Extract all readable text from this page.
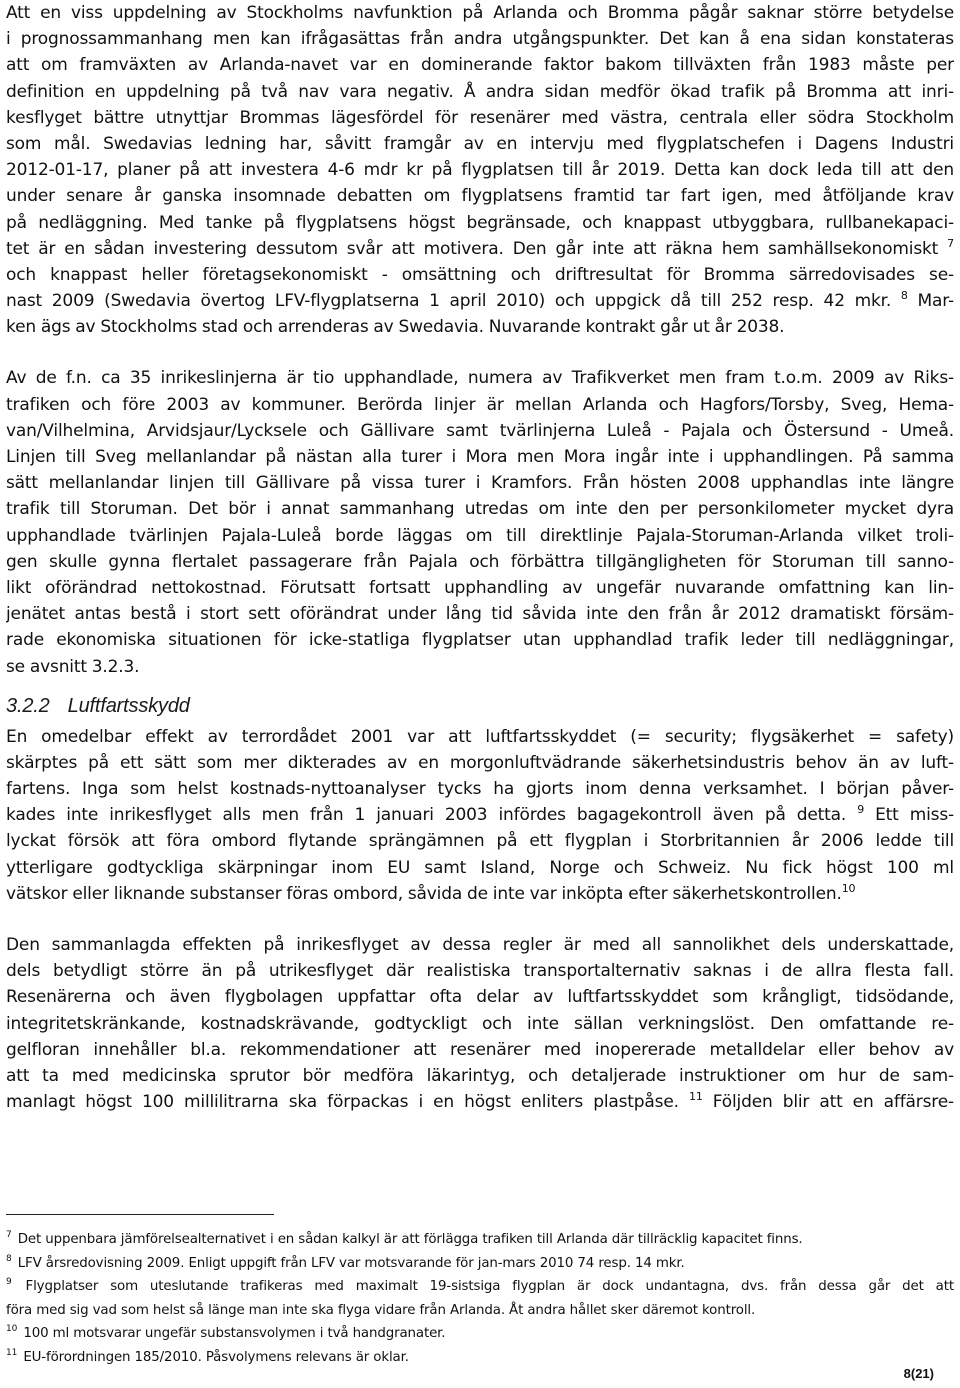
Att en viss uppdelning av Stockholms navfunktion på Arlanda och Bromma pågår saknar större betydelse
i prognossammanhang men kan ifrågasättas från andra utgångspunkter. Det kan å ena sidan konstateras
att om framväxten av Arlanda-navet var en dominerande faktor bakom tillväxten från 1983 måste per
definition en uppdelning på två nav vara negativ. Å andra sidan medför ökad trafik på Bromma att inri-
kesflyget bättre utnyttjar Brommas lägesfördel för resenärer med västra, centrala eller södra Stockholm
som mål. Swedavias ledning har, såvitt framgår av en intervju med flygplatschefen i Dagens Industri
2012-01-17, planer på att investera 4-6 mdr kr på flygplatsen till år 2019. Detta kan dock leda till att den
under senare år ganska insomnade debatten om flygplatsens framtid tar fart igen, med åtföljande krav
på nedläggning. Med tanke på flygplatsens högst begränsade, och knappast utbyggbara, rullbanekapaci-
tet är en sådan investering dessutom svår att motivera. Den går inte att räkna hem samhällsekonomiskt $^7$
och knappast heller företagsekonomiskt - omsättning och driftresultat för Bromma särredovisades se-
nast 2009 (Swedavia övertog LFV-flygplatserna 1 april 2010) och uppgick då till 252 resp. 42 mkr. $^8$ Mar-
ken ägs av Stockholms stad och arrenderas av Swedavia. Nuvarande kontrakt går ut år 2038.
Av de f.n. ca 35 inrikeslinjerna är tio upphandlade, numera av Trafikverket men fram t.o.m. 2009 av Riks-
trafiken och före 2003 av kommuner. Berörda linjer är mellan Arlanda och Hagfors/Torsby, Sveg, Hema-
van/Vilhelmina, Arvidsjaur/Lycksele och Gällivare samt tvärlinjerna Luleå - Pajala och Östersund - Umeå.
Linjen till Sveg mellanlandar på nästan alla turer i Mora men Mora ingår inte i upphandlingen. På samma
sätt mellanlandar linjen till Gällivare på vissa turer i Kramfors. Från hösten 2008 upphandlas inte längre
trafik till Storuman. Det bör i annat sammanhang utredas om inte den per personkilometer mycket dyra
upphandlade tvärlinjen Pajala-Luleå borde läggas om till direktlinje Pajala-Storuman-Arlanda vilket troli-
gen skulle gynna flertalet passagerare från Pajala och förbättra tillgängligheten för Storuman till sanno-
likt oförändrad nettokostnad. Förutsatt fortsatt upphandling av ungefär nuvarande omfattning kan lin-
jenätet antas bestå i stort sett oförändrat under lång tid såvida inte den från år 2012 dramatiskt försäm-
rade ekonomiska situationen för icke-statliga flygplatser utan upphandlad trafik leder till nedläggningar,
se avsnitt 3.2.3.
3.2.2 Luftfartsskydd
En omedelbar effekt av terrordådet 2001 var att luftfartsskyddet (= security; flygsäkerhet = safety)
skärptes på ett sätt som mer dikterades av en morgonluftvädrande säkerhetsindustris behov än av luft-
fartens. Inga som helst kostnads-nyttoanalyser tycks ha gjorts inom denna verksamhet. I början påver-
kades inte inrikesflyget alls men från 1 januari 2003 infördes bagagekontroll även på detta. $^9$ Ett miss-
lyckat försök att föra ombord flytande sprängämnen på ett flygplan i Storbritannien år 2006 ledde till
ytterligare godtyckliga skärpningar inom EU samt Island, Norge och Schweiz. Nu fick högst 100 ml
vätskor eller liknande substanser föras ombord, såvida de inte var inköpta efter säkerhetskontrollen.$^{10}$
Den sammanlagda effekten på inrikesflyget av dessa regler är med all sannolikhet dels underskattade,
dels betydligt större än på utrikesflyget där realistiska transportalternativ saknas i de allra flesta fall.
Resenärerna och även flygbolagen uppfattar ofta delar av luftfartsskyddet som krångligt, tidsödande,
integritetskränkande, kostnadskrävande, godtyckligt och inte sällan verkningslöst. Den omfattande re-
gelfloran innehåller bl.a. rekommendationer att resenärer med inopererade metalldelar eller behov av
att ta med medicinska sprutor bör medföra läkarintyg, och detaljerade instruktioner om hur de sam-
manlagt högst 100 millilitrarna ska förpackas i en högst enliters plastpåse. $^{11}$ Följden blir att en affärsre-
$^7$ Det uppenbara jämförelsealternativet i en sådan kalkyl är att förlägga trafiken till Arlanda där tillräcklig kapacitet finns.
$^8$ LFV årsredovisning 2009. Enligt uppgift från LFV var motsvarande för jan-mars 2010 74 resp. 14 mkr.
$^9$ Flygplatser som uteslutande trafikeras med maximalt 19-sistsiga flygplan är dock undantagna, dvs. från dessa går det att
föra med sig vad som helst så länge man inte ska flyga vidare från Arlanda. Åt andra hållet sker däremot kontroll.
$^{10}$ 100 ml motsvarar ungefär substansvolymen i två handgranater.
$^{11}$ EU-förordningen 185/2010. Påsvolymens relevans är oklar.
8(21)
